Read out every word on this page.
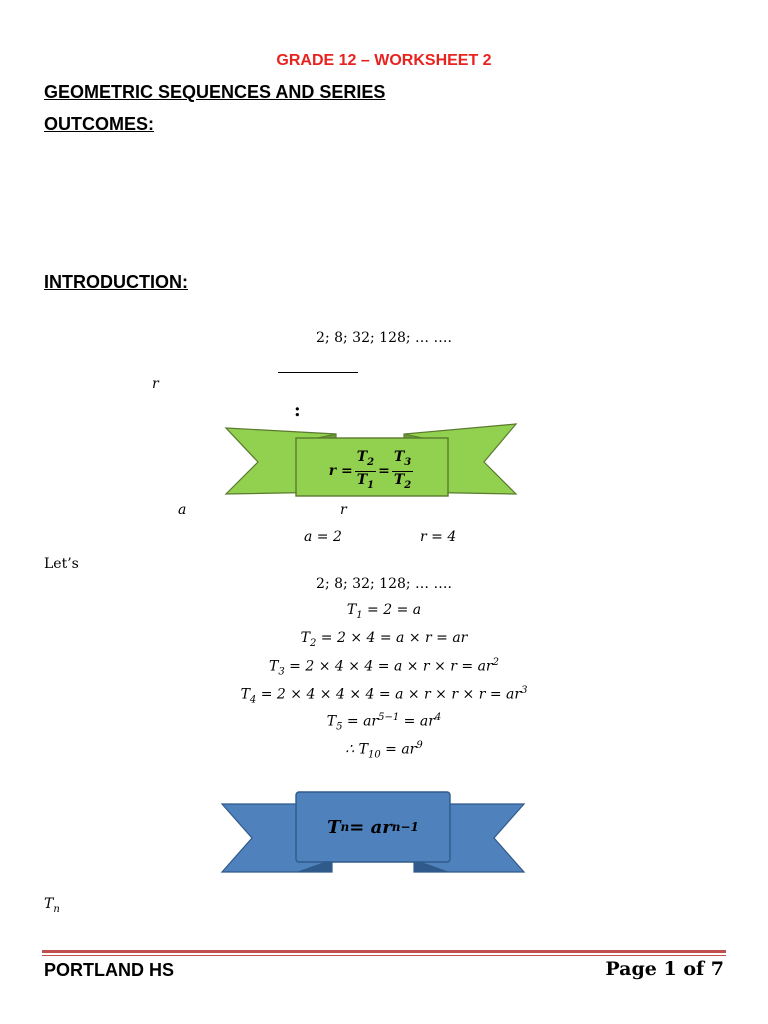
GRADE 12 – WORKSHEET 2
GEOMETRIC SEQUENCES AND SERIES
OUTCOMES:
INTRODUCTION:
2; 8; 32; 128; … ….
r
:
$r = \frac{T_2}{T_1} = \frac{T_3}{T_2}$
a	r
a = 2	r = 4
Let’s
2; 8; 32; 128; … ….
$T_1 = 2 = a$
$T_2 = 2 \times 4 = a \times r$ = ar
$T_3 = 2 \times 4 \times 4 = a \times r \times r = ar^2$
$T_4 = 2 \times 4 \times 4 \times 4 = a \times r \times r \times r = ar^3$
$T_5 = ar^{5-1} = ar^4$
∴ $T_{10} = ar^9$
T n = ar n−1
$T_n$
PORTLAND HS	Page 1 of 7
